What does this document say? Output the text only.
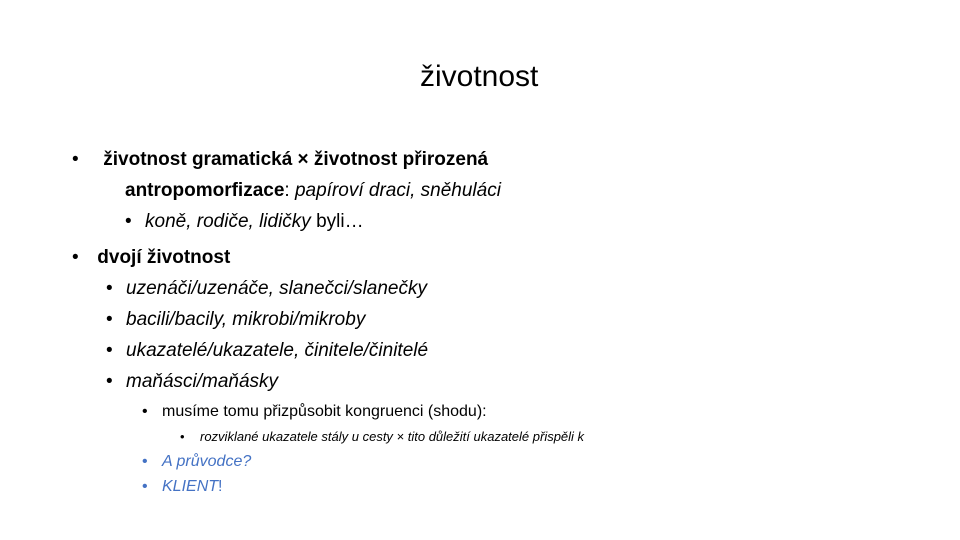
životnost
• životnost gramatická × životnost přirozená
antropomorfizace: papíroví draci, sněhuláci
• koně, rodiče, lidičky byli…
• dvojí životnost
• uzenáči/uzenáče, slanečci/slanečky
• bacili/bacily, mikrobi/mikroby
• ukazatelé/ukazatele, činitele/činitelé
• maňásci/maňásky
• musíme tomu přizpůsobit kongruenci (shodu):
• rozviklané ukazatele stály u cesty × tito důležití ukazatelé přispěli k
• A průvodce?
• KLIENT!
